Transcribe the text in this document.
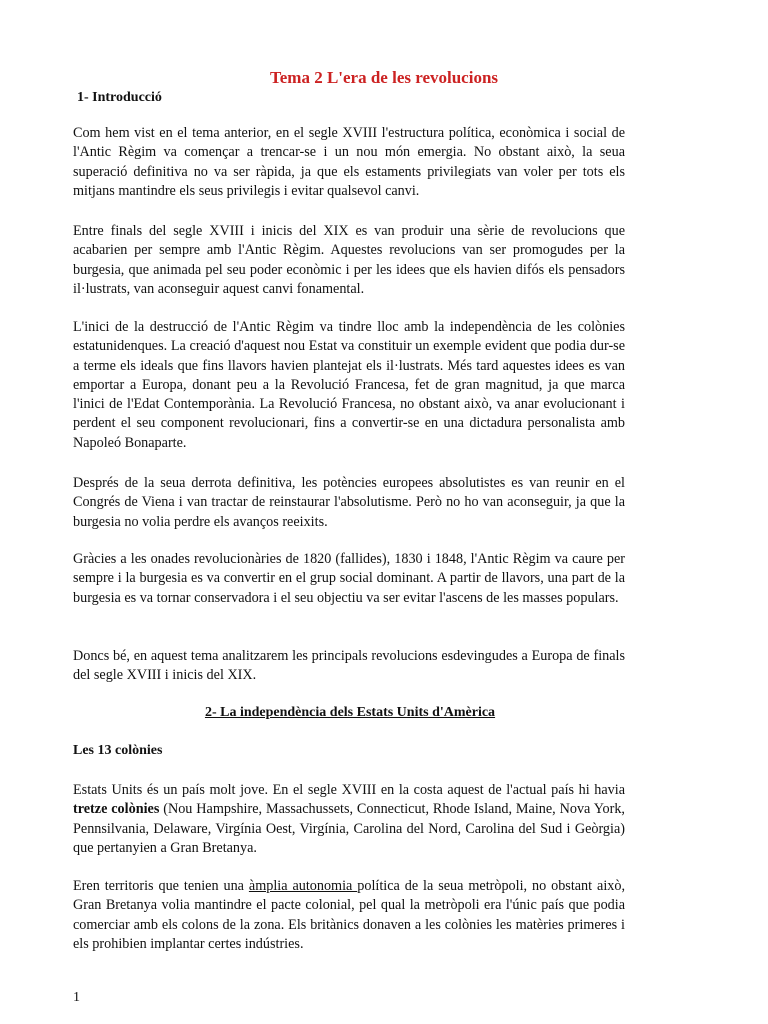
Tema 2 L'era de les revolucions
1- Introducció

Com hem vist en el tema anterior, en el segle XVIII l'estructura política, econòmica i social de l'Antic Règim va començar a trencar-se i un nou món emergia. No obstant això, la seua superació definitiva no va ser ràpida, ja que els estaments privilegiats van voler per tots els mitjans mantindre els seus privilegis i evitar qualsevol canvi.

Entre finals del segle XVIII i inicis del XIX es van produir una sèrie de revolucions que acabarien per sempre amb l'Antic Règim. Aquestes revolucions van ser promogudes per la burgesia, que animada pel seu poder econòmic i per les idees que els havien difós els pensadors il·lustrats, van aconseguir aquest canvi fonamental.

L'inici de la destrucció de l'Antic Règim va tindre lloc amb la independència de les colònies estatunidenques. La creació d'aquest nou Estat va constituir un exemple evident que podia dur-se a terme els ideals que fins llavors havien plantejat els il·lustrats. Més tard aquestes idees es van emportar a Europa, donant peu a la Revolució Francesa, fet de gran magnitud, ja que marca l'inici de l'Edat Contemporània. La Revolució Francesa, no obstant això, va anar evolucionant i perdent el seu component revolucionari, fins a convertir-se en una dictadura personalista amb Napoleó Bonaparte.

Després de la seua derrota definitiva, les potències europees absolutistes es van reunir en el Congrés de Viena i van tractar de reinstaurar l'absolutisme. Però no ho van aconseguir, ja que la burgesia no volia perdre els avanços reeixits.

Gràcies a les onades revolucionàries de 1820 (fallides), 1830 i 1848, l'Antic Règim va caure per sempre i la burgesia es va convertir en el grup social dominant. A partir de llavors, una part de la burgesia es va tornar conservadora i el seu objectiu va ser evitar l'ascens de les masses populars.

Doncs bé, en aquest tema analitzarem les principals revolucions esdevingudes a Europa de finals del segle XVIII i inicis del XIX.

2- La independència dels Estats Units d'Amèrica
Les 13 colònies

Estats Units és un país molt jove. En el segle XVIII en la costa aquest de l'actual país hi havia tretze colònies (Nou Hampshire, Massachussets, Connecticut, Rhode Island, Maine, Nova York, Pennsilvania, Delaware, Virgínia Oest, Virgínia, Carolina del Nord, Carolina del Sud i Geòrgia) que pertanyien a Gran Bretanya.

Eren territoris que tenien una àmplia autonomia política de la seua metròpoli, no obstant això, Gran Bretanya volia mantindre el pacte colonial, pel qual la metròpoli era l'únic país que podia comerciar amb els colons de la zona. Els britànics donaven a les colònies les matèries primeres i els prohibien implantar certes indústries.

1
